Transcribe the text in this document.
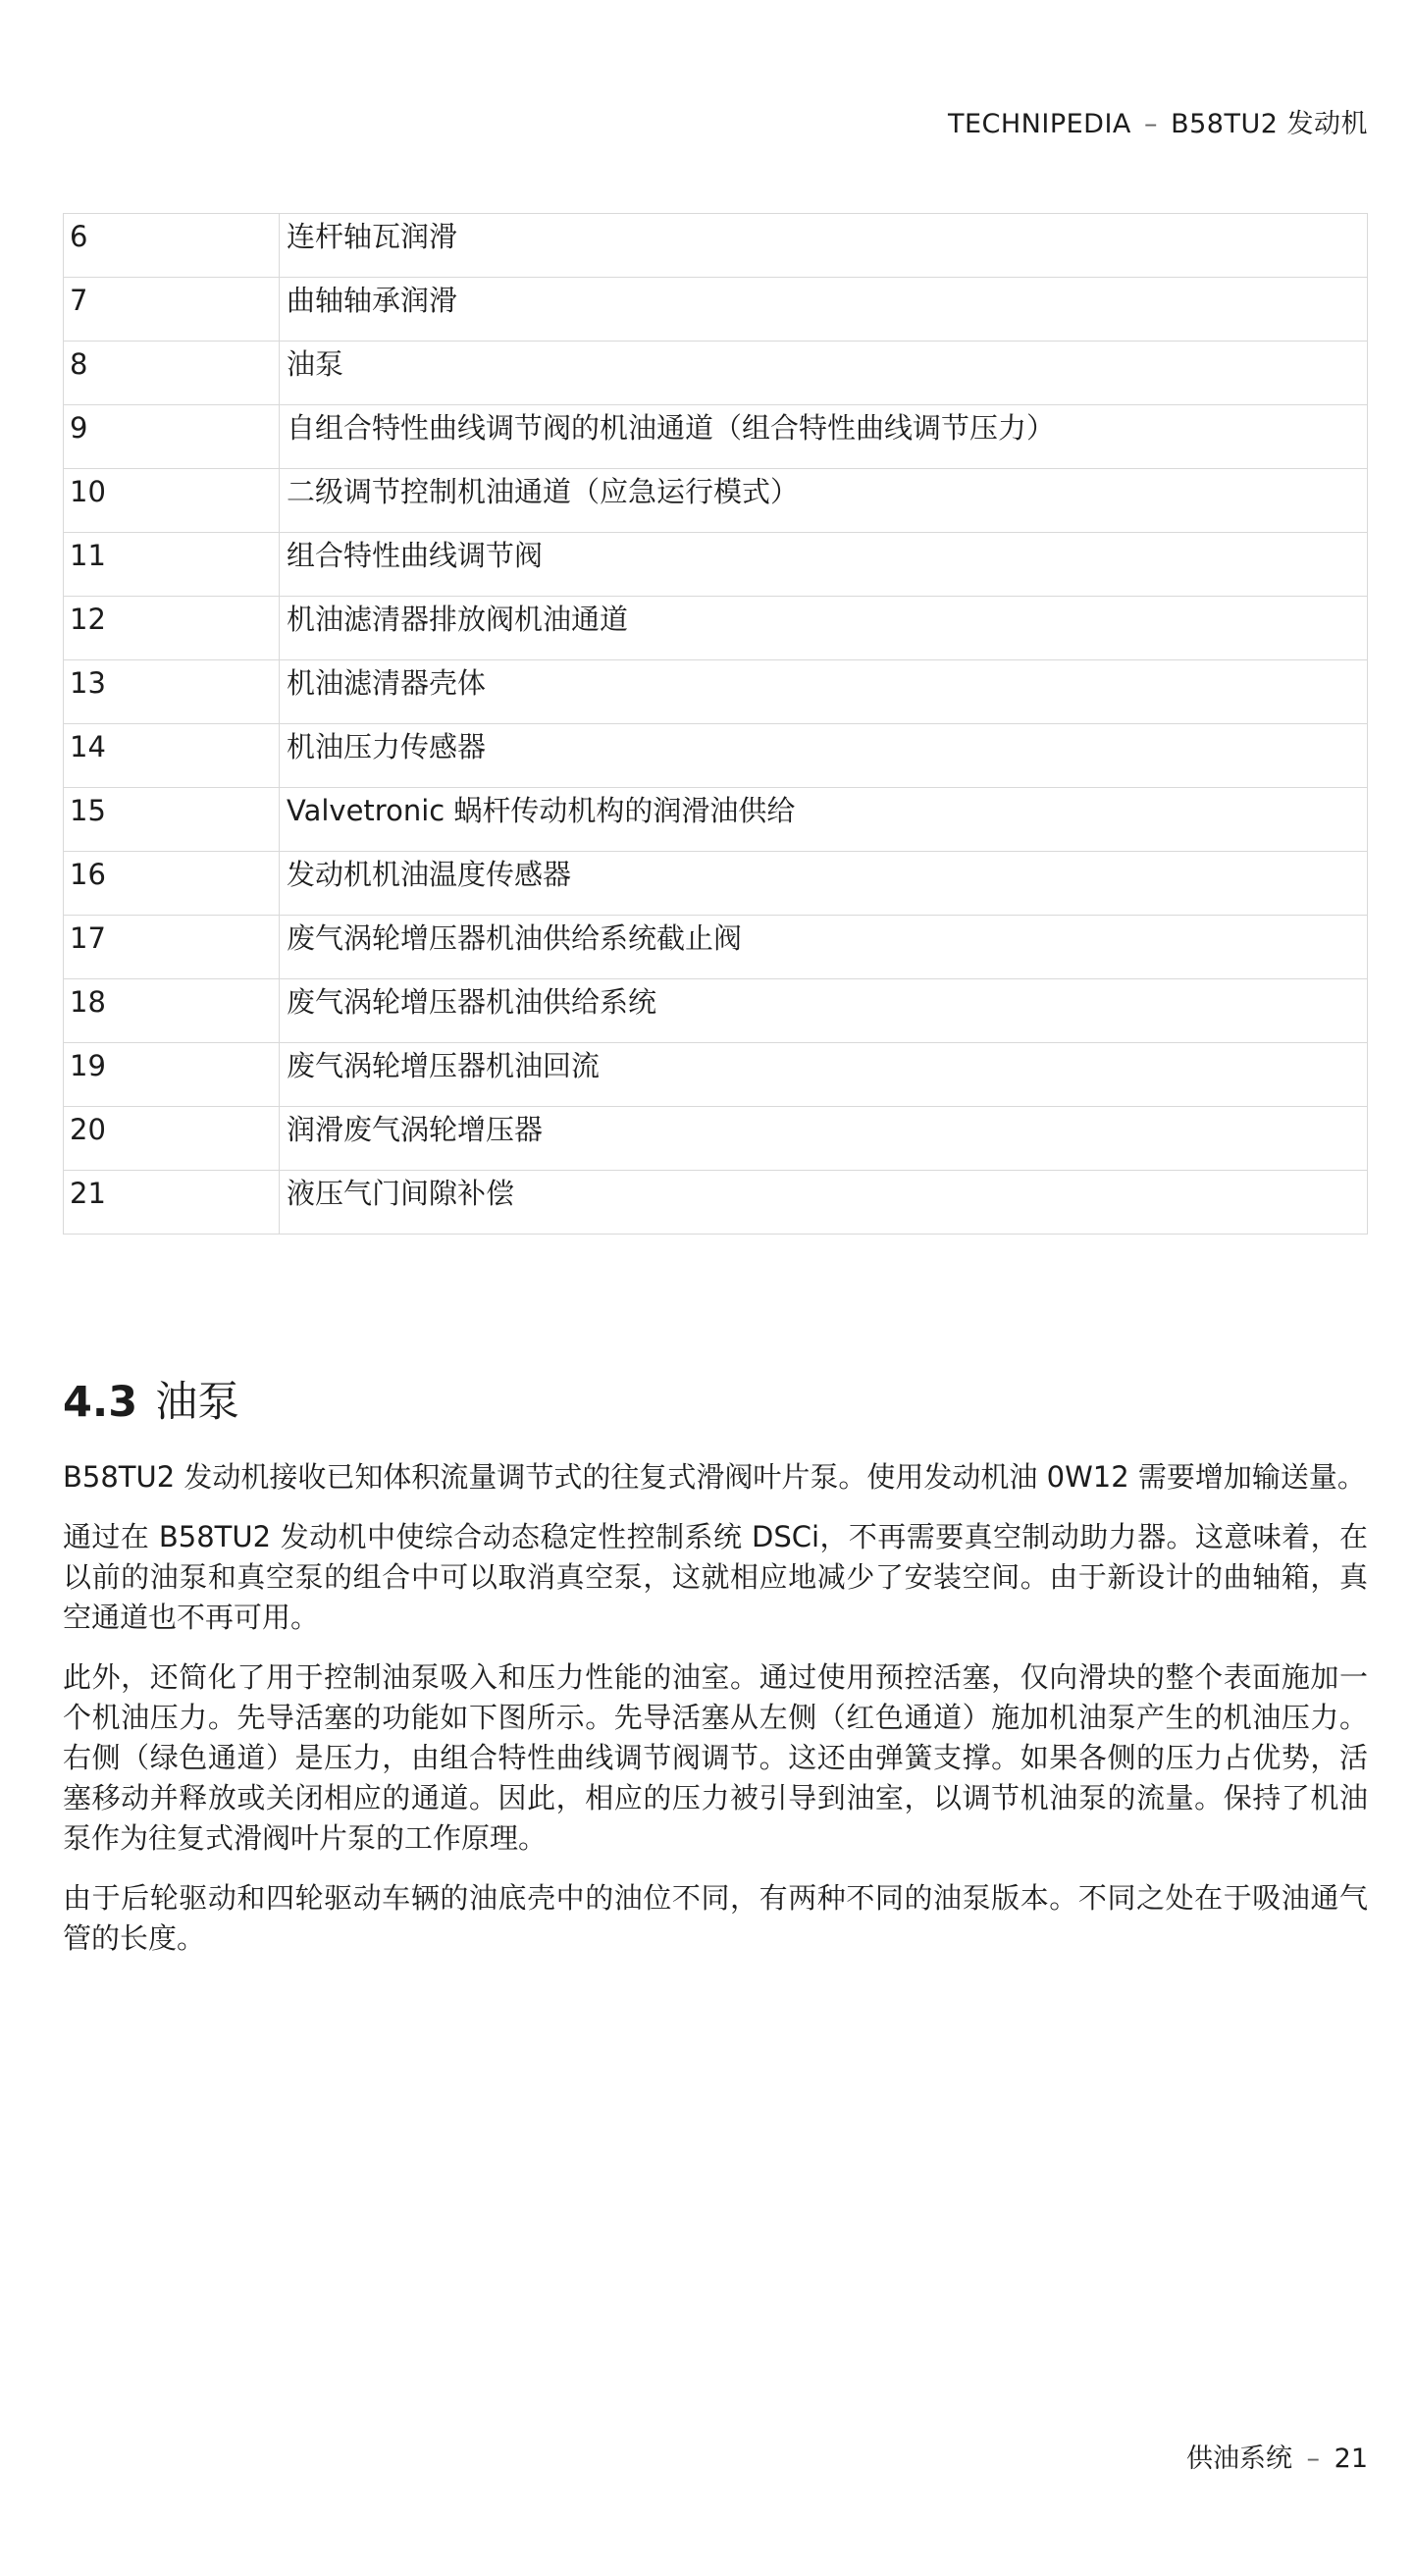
TECHNIPEDIA – B58TU2 发动机
6	连杆轴瓦润滑
7	曲轴轴承润滑
8	油泵
9	自组合特性曲线调节阀的机油通道（组合特性曲线调节压力）
10	二级调节控制机油通道（应急运行模式）
11	组合特性曲线调节阀
12	机油滤清器排放阀机油通道
13	机油滤清器壳体
14	机油压力传感器
15	Valvetronic 蜗杆传动机构的润滑油供给
16	发动机机油温度传感器
17	废气涡轮增压器机油供给系统截止阀
18	废气涡轮增压器机油供给系统
19	废气涡轮增压器机油回流
20	润滑废气涡轮增压器
21	液压气门间隙补偿
4.3 油泵

B58TU2 发动机接收已知体积流量调节式的往复式滑阀叶片泵。使用发动机油 0W12 需要增加输送量。

通过在 B58TU2 发动机中使综合动态稳定性控制系统 DSCi，不再需要真空制动助力器。这意味着，在以前的油泵和真空泵的组合中可以取消真空泵，这就相应地减少了安装空间。由于新设计的曲轴箱，真空通道也不再可用。

此外，还简化了用于控制油泵吸入和压力性能的油室。通过使用预控活塞，仅向滑块的整个表面施加一个机油压力。先导活塞的功能如下图所示。先导活塞从左侧（红色通道）施加机油泵产生的机油压力。右侧（绿色通道）是压力，由组合特性曲线调节阀调节。这还由弹簧支撑。如果各侧的压力占优势，活塞移动并释放或关闭相应的通道。因此，相应的压力被引导到油室，以调节机油泵的流量。保持了机油泵作为往复式滑阀叶片泵的工作原理。

由于后轮驱动和四轮驱动车辆的油底壳中的油位不同，有两种不同的油泵版本。不同之处在于吸油通气管的长度。

供油系统 – 21
